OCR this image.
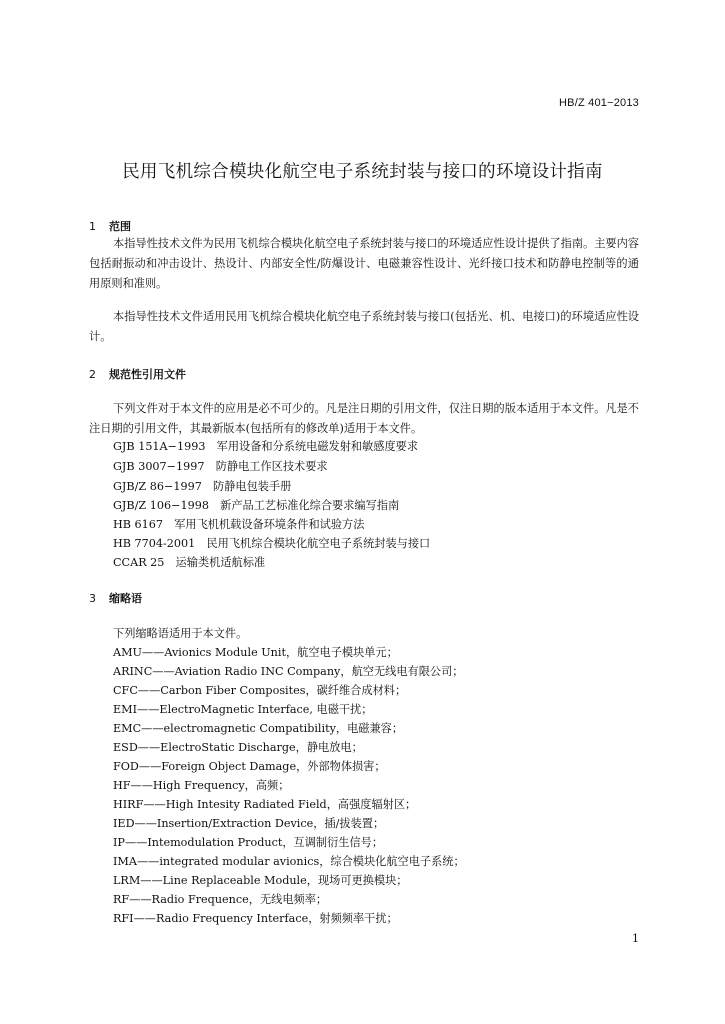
HB/Z 401−2013
民用飞机综合模块化航空电子系统封装与接口的环境设计指南
1 范围
本指导性技术文件为民用飞机综合模块化航空电子系统封装与接口的环境适应性设计提供了指南。主要内容包括耐振动和冲击设计、热设计、内部安全性/防爆设计、电磁兼容性设计、光纤接口技术和防静电控制等的通用原则和准则。
本指导性技术文件适用民用飞机综合模块化航空电子系统封装与接口(包括光、机、电接口)的环境适应性设计。
2 规范性引用文件
下列文件对于本文件的应用是必不可少的。凡是注日期的引用文件，仅注日期的版本适用于本文件。凡是不注日期的引用文件，其最新版本(包括所有的修改单)适用于本文件。
GJB 151A−1993　军用设备和分系统电磁发射和敏感度要求
GJB 3007−1997　防静电工作区技术要求
GJB/Z 86−1997　防静电包装手册
GJB/Z 106−1998　新产品工艺标准化综合要求编写指南
HB 6167　军用飞机机载设备环境条件和试验方法
HB 7704-2001　民用飞机综合模块化航空电子系统封装与接口
CCAR 25　运输类机适航标准
3 缩略语
下列缩略语适用于本文件。
AMU——Avionics Module Unit，航空电子模块单元；
ARINC——Aviation Radio INC Company，航空无线电有限公司；
CFC——Carbon Fiber Composites，碳纤维合成材料；
EMI——ElectroMagnetic Interface, 电磁干扰；
EMC——electromagnetic Compatibility，电磁兼容；
ESD——ElectroStatic Discharge，静电放电；
FOD——Foreign Object Damage，外部物体损害；
HF——High Frequency，高频；
HIRF——High Intesity Radiated Field，高强度辐射区；
IED——Insertion/Extraction Device，插/拔装置；
IP——Intemodulation Product，互调制衍生信号；
IMA——integrated modular avionics，综合模块化航空电子系统；
LRM——Line Replaceable Module，现场可更换模块；
RF——Radio Frequence，无线电频率；
RFI——Radio Frequency Interface，射频频率干扰；
1
